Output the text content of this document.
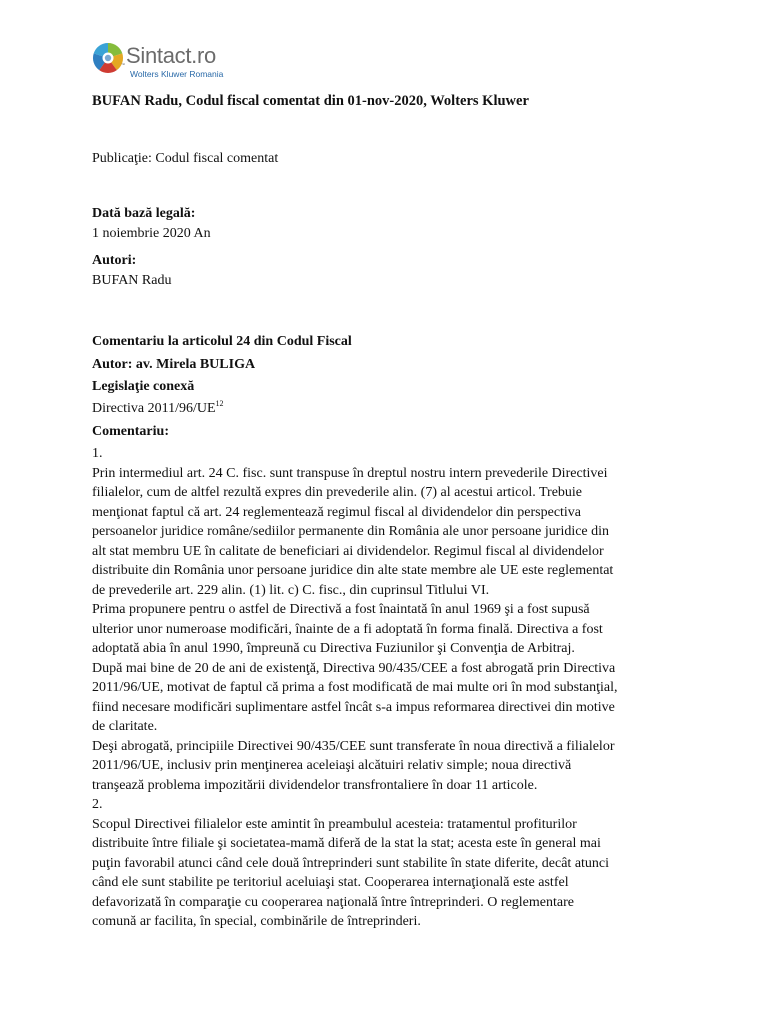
™ Sintact.ro
Wolters Kluwer Romania
BUFAN Radu, Codul fiscal comentat din 01-nov-2020, Wolters Kluwer
Publicaţie: Codul fiscal comentat
Dată bază legală:
1 noiembrie 2020 An
Autori:
BUFAN Radu
Comentariu la articolul 24 din Codul Fiscal
Autor: av. Mirela BULIGA
Legislaţie conexă
Directiva 2011/96/UE$^{12}$
Comentariu:

1.

Prin intermediul art. 24 C. fisc. sunt transpuse în dreptul nostru intern prevederile Directivei

filialelor, cum de altfel rezultă expres din prevederile alin. (7) al acestui articol. Trebuie

menţionat faptul că art. 24 reglementează regimul fiscal al dividendelor din perspectiva

persoanelor juridice române/sediilor permanente din România ale unor persoane juridice din

alt stat membru UE în calitate de beneficiari ai dividendelor. Regimul fiscal al dividendelor

distribuite din România unor persoane juridice din alte state membre ale UE este reglementat

de prevederile art. 229 alin. (1) lit. c) C. fisc., din cuprinsul Titlului VI.

Prima propunere pentru o astfel de Directivă a fost înaintată în anul 1969 şi a fost supusă

ulterior unor numeroase modificări, înainte de a fi adoptată în forma finală. Directiva a fost

adoptată abia în anul 1990, împreună cu Directiva Fuziunilor şi Convenţia de Arbitraj.

După mai bine de 20 de ani de existenţă, Directiva 90/435/CEE a fost abrogată prin Directiva

2011/96/UE, motivat de faptul că prima a fost modificată de mai multe ori în mod substanţial,

fiind necesare modificări suplimentare astfel încât s-a impus reformarea directivei din motive

de claritate.

Deşi abrogată, principiile Directivei 90/435/CEE sunt transferate în noua directivă a filialelor

2011/96/UE, inclusiv prin menţinerea aceleiaşi alcătuiri relativ simple; noua directivă

tranşează problema impozitării dividendelor transfrontaliere în doar 11 articole.

2.

Scopul Directivei filialelor este amintit în preambulul acesteia: tratamentul profiturilor

distribuite între filiale şi societatea-mamă diferă de la stat la stat; acesta este în general mai

puţin favorabil atunci când cele două întreprinderi sunt stabilite în state diferite, decât atunci

când ele sunt stabilite pe teritoriul aceluiaşi stat. Cooperarea internaţională este astfel

defavorizată în comparaţie cu cooperarea naţională între întreprinderi. O reglementare

comună ar facilita, în special, combinările de întreprinderi.
